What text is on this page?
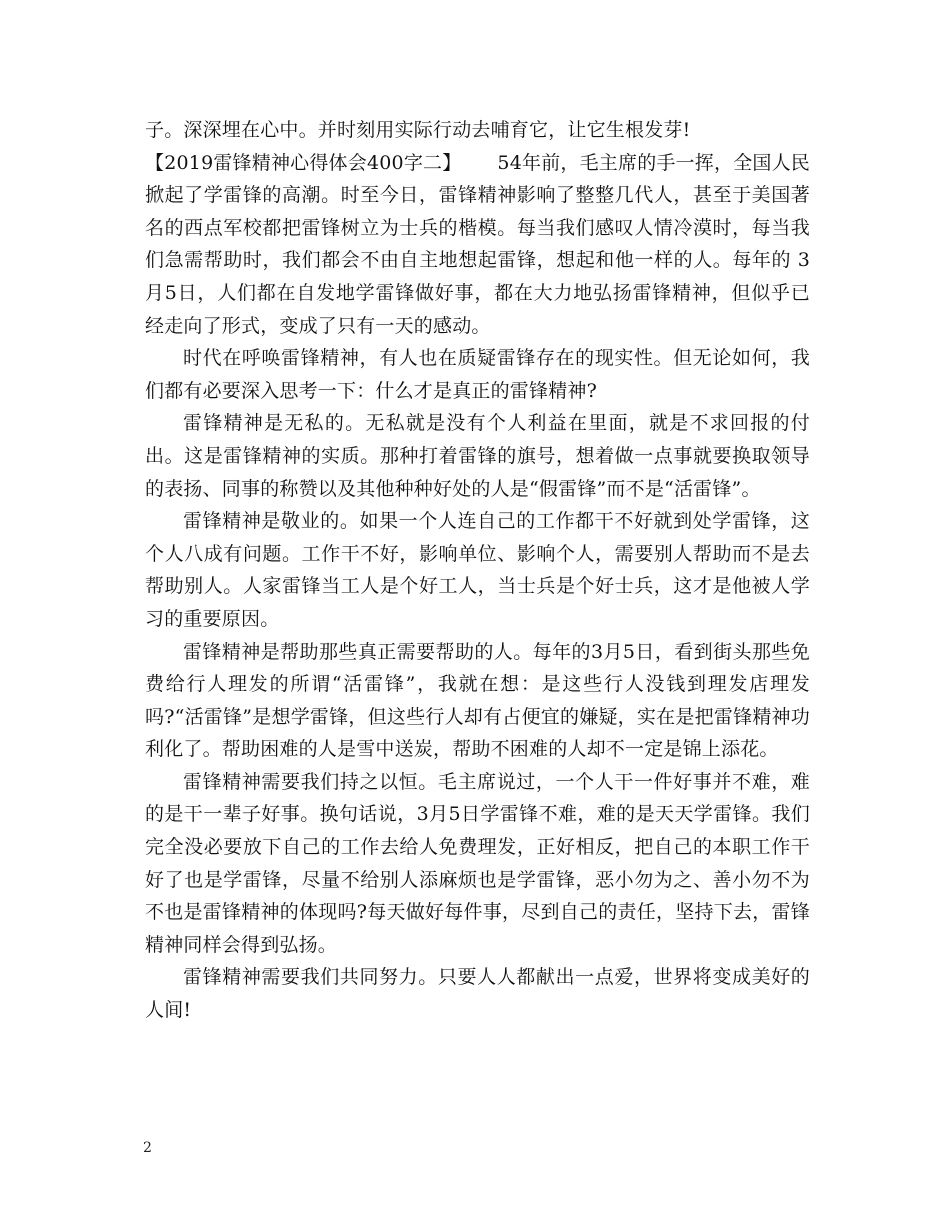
子。深深埋在心中。并时刻用实际行动去哺育它，让它生根发芽!

【2019雷锋精神心得体会400字二】 54年前，毛主席的手一挥，全国人民掀起了学雷锋的高潮。时至今日，雷锋精神影响了整整几代人，甚至于美国著名的西点军校都把雷锋树立为士兵的楷模。每当我们感叹人情冷漠时，每当我们急需帮助时，我们都会不由自主地想起雷锋，想起和他一样的人。每年的 3月5日，人们都在自发地学雷锋做好事，都在大力地弘扬雷锋精神，但似乎已经走向了形式，变成了只有一天的感动。

时代在呼唤雷锋精神，有人也在质疑雷锋存在的现实性。但无论如何，我们都有必要深入思考一下：什么才是真正的雷锋精神?

雷锋精神是无私的。无私就是没有个人利益在里面，就是不求回报的付出。这是雷锋精神的实质。那种打着雷锋的旗号，想着做一点事就要换取领导的表扬、同事的称赞以及其他种种好处的人是“假雷锋”而不是“活雷锋”。

雷锋精神是敬业的。如果一个人连自己的工作都干不好就到处学雷锋，这个人八成有问题。工作干不好，影响单位、影响个人，需要别人帮助而不是去帮助别人。人家雷锋当工人是个好工人，当士兵是个好士兵，这才是他被人学习的重要原因。

雷锋精神是帮助那些真正需要帮助的人。每年的3月5日，看到街头那些免费给行人理发的所谓“活雷锋”，我就在想：是这些行人没钱到理发店理发吗?“活雷锋”是想学雷锋，但这些行人却有占便宜的嫌疑，实在是把雷锋精神功利化了。帮助困难的人是雪中送炭，帮助不困难的人却不一定是锦上添花。

雷锋精神需要我们持之以恒。毛主席说过，一个人干一件好事并不难，难的是干一辈子好事。换句话说，3月5日学雷锋不难，难的是天天学雷锋。我们完全没必要放下自己的工作去给人免费理发，正好相反，把自己的本职工作干好了也是学雷锋，尽量不给别人添麻烦也是学雷锋，恶小勿为之、善小勿不为不也是雷锋精神的体现吗?每天做好每件事，尽到自己的责任，坚持下去，雷锋精神同样会得到弘扬。

雷锋精神需要我们共同努力。只要人人都献出一点爱，世界将变成美好的人间!

2
